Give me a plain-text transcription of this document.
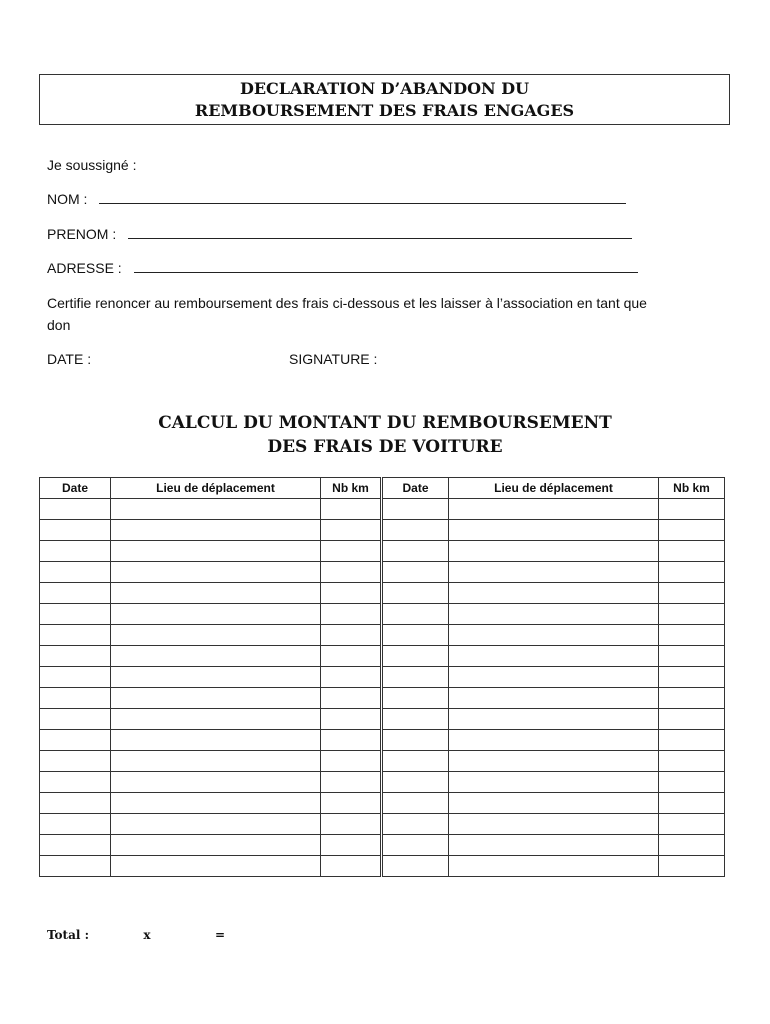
DECLARATION D’ABANDON DU
REMBOURSEMENT DES FRAIS ENGAGES
Je soussigné :
NOM :
PRENOM :
ADRESSE :
Certifie renoncer au remboursement des frais ci-dessous et les laisser à l’association en tant que
don
DATE :	SIGNATURE :
CALCUL DU MONTANT DU REMBOURSEMENT
DES FRAIS DE VOITURE
Date	Lieu de déplacement	Nb km	Date	Lieu de déplacement	Nb km

Total :	x	=
